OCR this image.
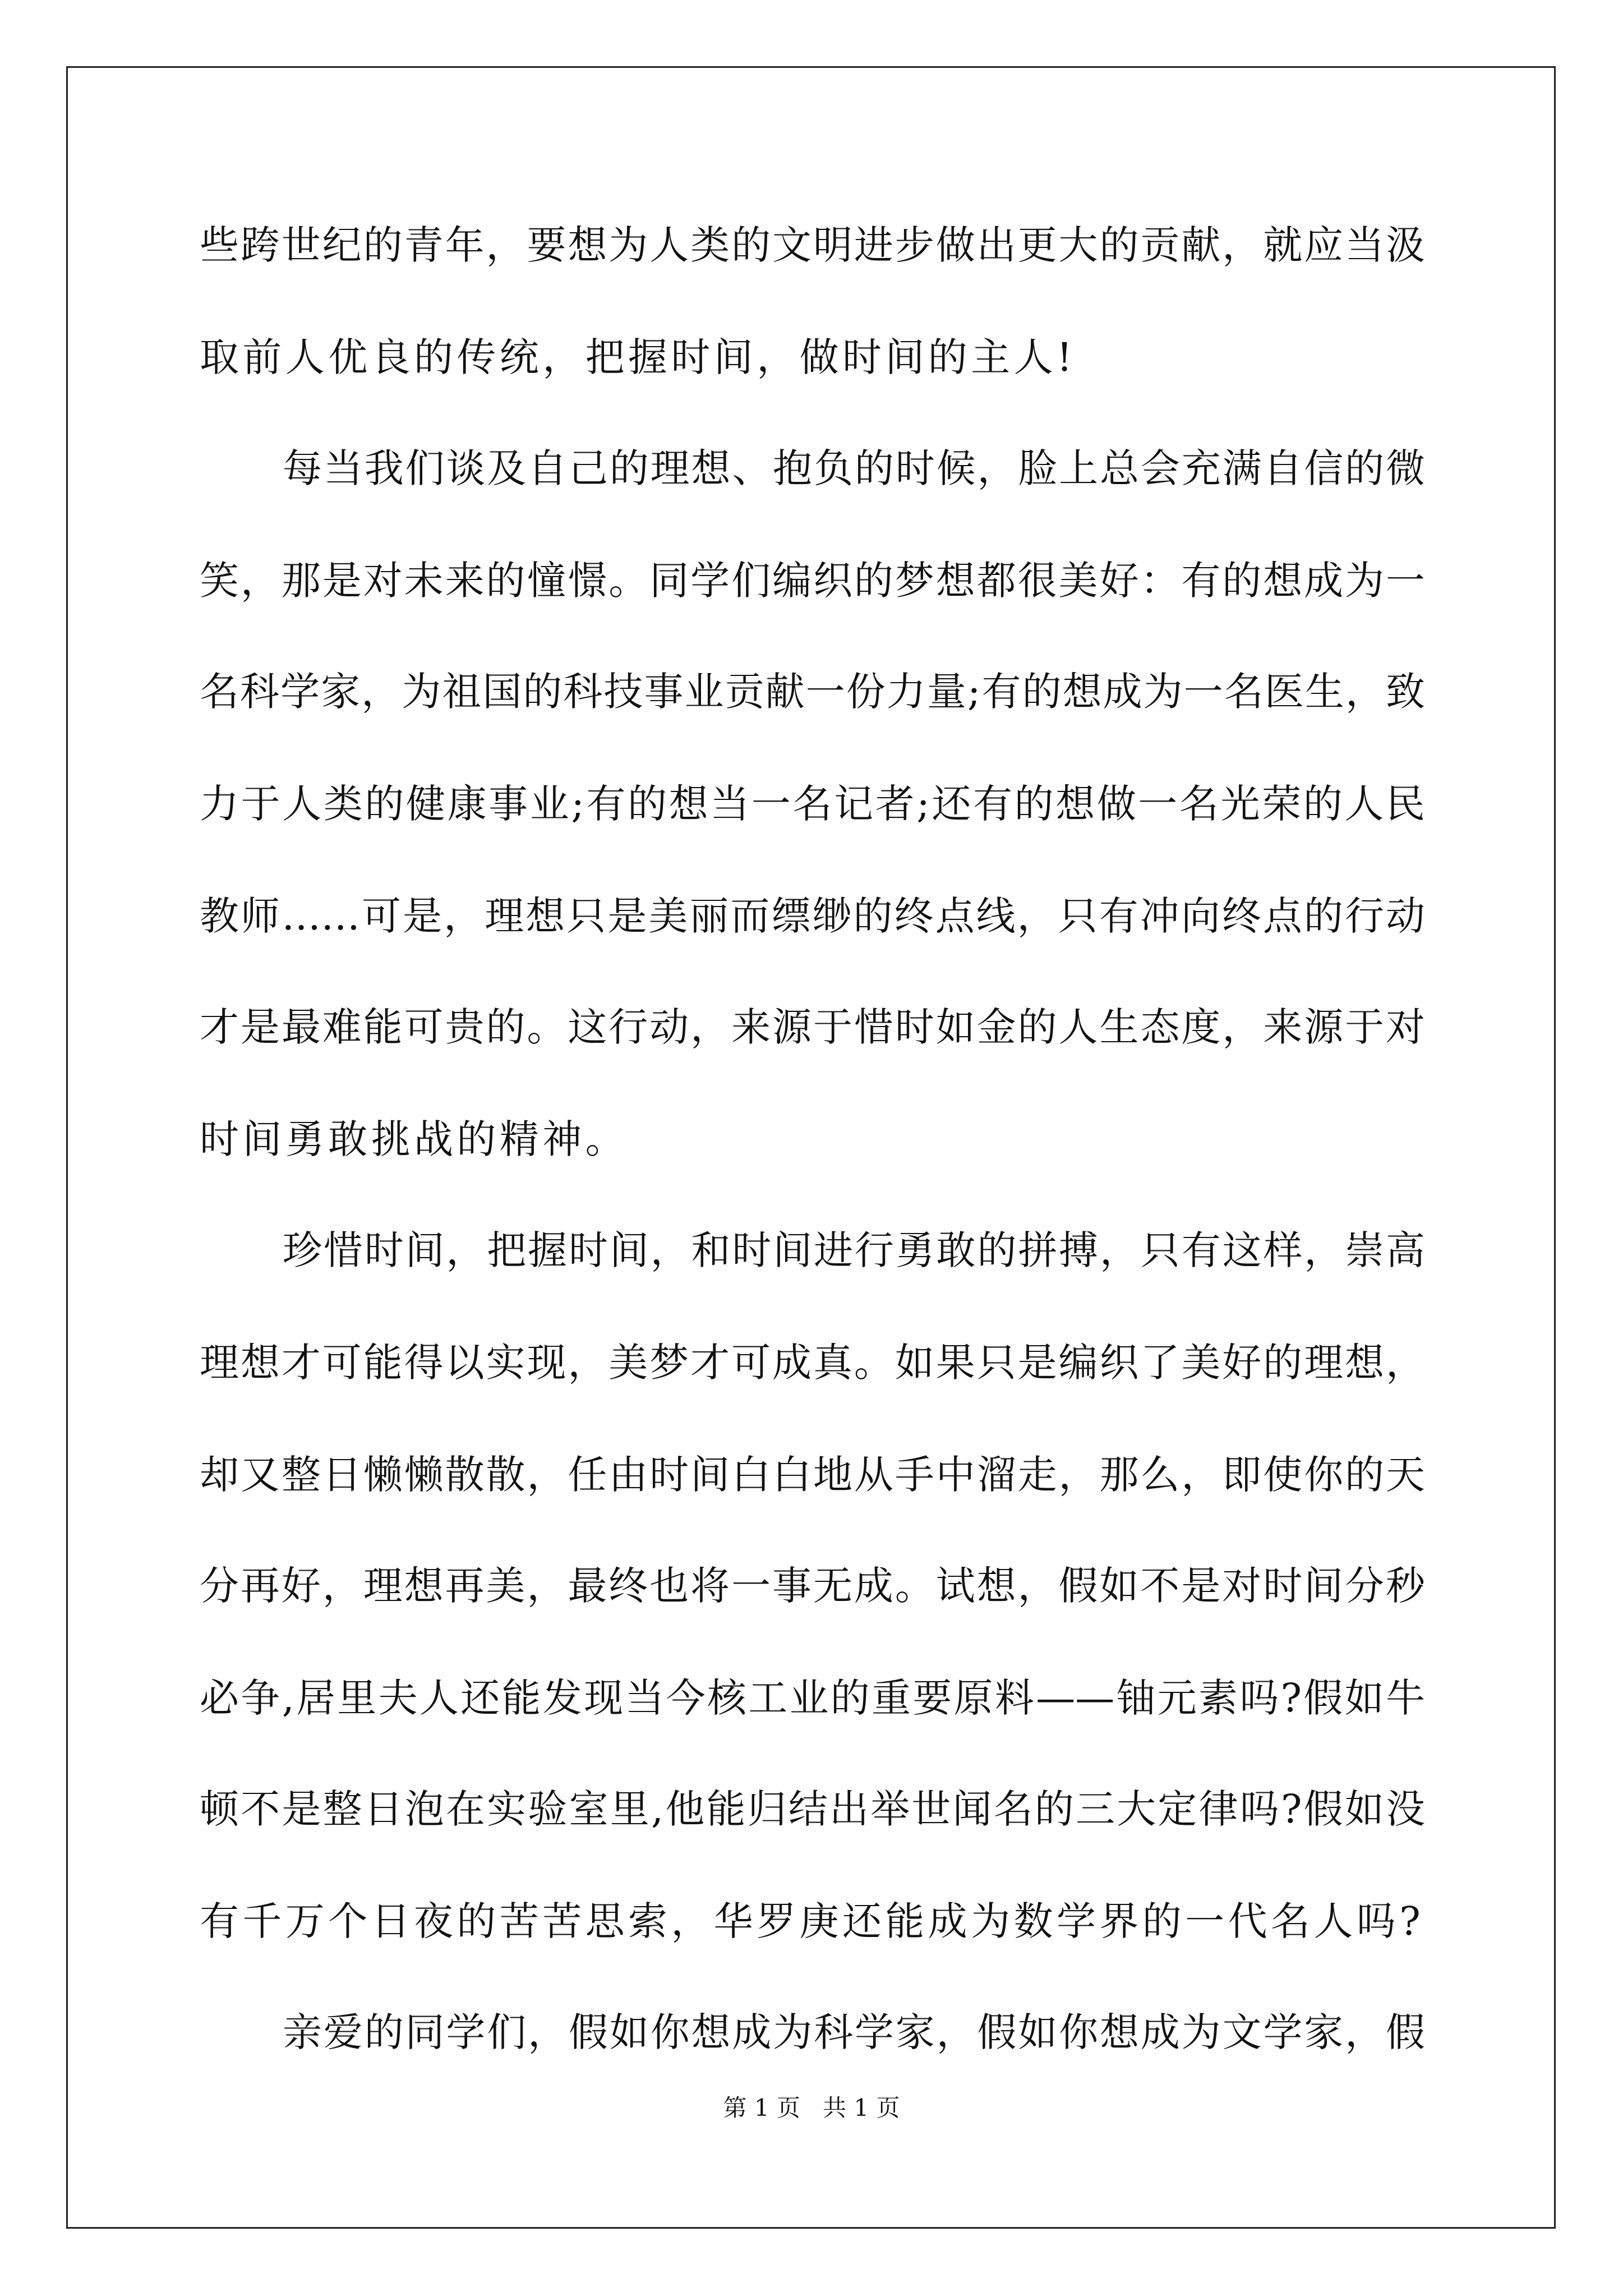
些跨世纪的青年，要想为人类的文明进步做出更大的贡献，就应当汲
取前人优良的传统，把握时间，做时间的主人!
每当我们谈及自己的理想、抱负的时候，脸上总会充满自信的微
笑，那是对未来的憧憬。同学们编织的梦想都很美好：有的想成为一
名科学家，为祖国的科技事业贡献一份力量;有的想成为一名医生，致
力于人类的健康事业;有的想当一名记者;还有的想做一名光荣的人民
教师……可是，理想只是美丽而缥缈的终点线，只有冲向终点的行动
才是最难能可贵的。这行动，来源于惜时如金的人生态度，来源于对
时间勇敢挑战的精神。
珍惜时间，把握时间，和时间进行勇敢的拼搏，只有这样，崇高
理想才可能得以实现，美梦才可成真。如果只是编织了美好的理想，
却又整日懒懒散散，任由时间白白地从手中溜走，那么，即使你的天
分再好，理想再美，最终也将一事无成。试想，假如不是对时间分秒
必争,居里夫人还能发现当今核工业的重要原料——铀元素吗?假如牛
顿不是整日泡在实验室里,他能归结出举世闻名的三大定律吗?假如没
有千万个日夜的苦苦思索，华罗庚还能成为数学界的一代名人吗?
亲爱的同学们，假如你想成为科学家，假如你想成为文学家，假
第 1 页   共 1 页
